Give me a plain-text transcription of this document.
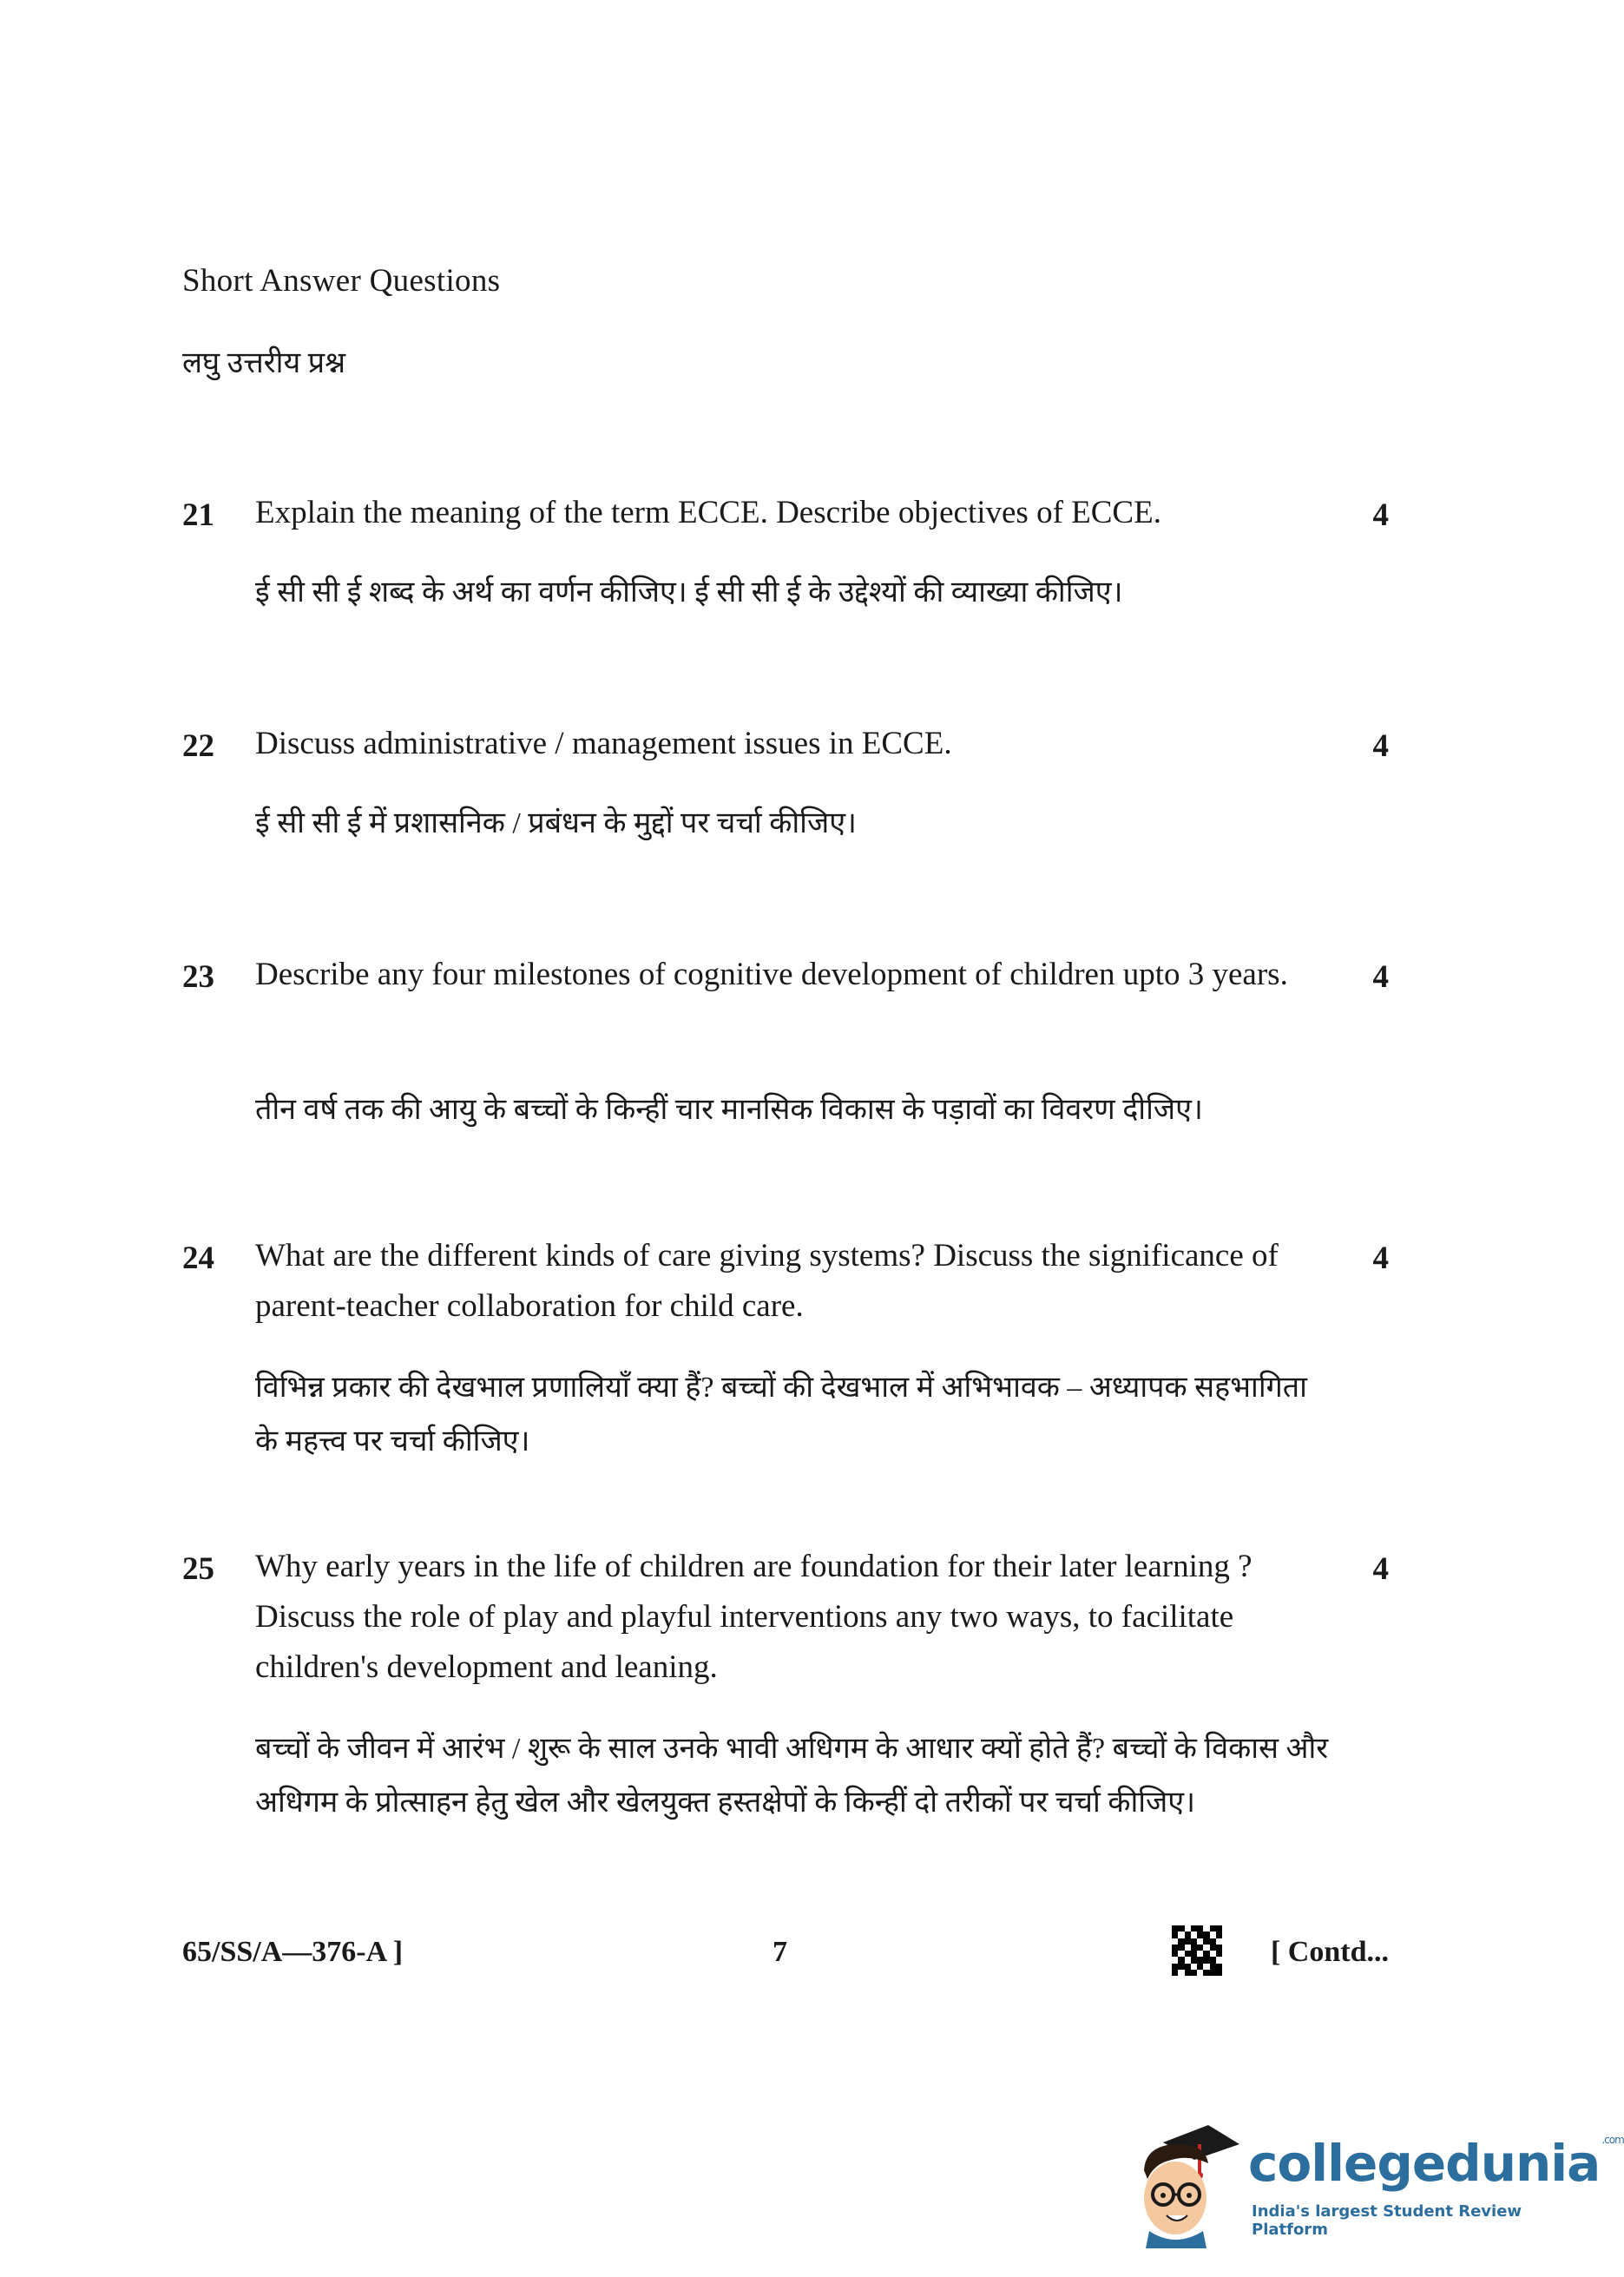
Short Answer Questions
लघु उत्तरीय प्रश्न
21 Explain the meaning of the term ECCE. Describe objectives of ECCE.
ई सी सी ई शब्द के अर्थ का वर्णन कीजिए। ई सी सी ई के उद्देश्यों की व्याख्या कीजिए।
4
22 Discuss administrative / management issues in ECCE.
ई सी सी ई में प्रशासनिक / प्रबंधन के मुद्दों पर चर्चा कीजिए।
4
23 Describe any four milestones of cognitive development of children upto 3 years.
तीन वर्ष तक की आयु के बच्चों के किन्हीं चार मानसिक विकास के पड़ावों का विवरण दीजिए।
4
24 What are the different kinds of care giving systems? Discuss the significance of parent-teacher collaboration for child care.
विभिन्न प्रकार की देखभाल प्रणालियाँ क्या हैं? बच्चों की देखभाल में अभिभावक – अध्यापक सहभागिता के महत्त्व पर चर्चा कीजिए।
4
25 Why early years in the life of children are foundation for their later learning ? Discuss the role of play and playful interventions any two ways, to facilitate children's development and leaning.
बच्चों के जीवन में आरंभ / शुरू के साल उनके भावी अधिगम के आधार क्यों होते हैं? बच्चों के विकास और अधिगम के प्रोत्साहन हेतु खेल और खेलयुक्त हस्तक्षेपों के किन्हीं दो तरीकों पर चर्चा कीजिए।
4
65/SS/A—376-A ]	7	[ Contd...
collegedunia $^{.com}$
India's largest Student Review Platform
